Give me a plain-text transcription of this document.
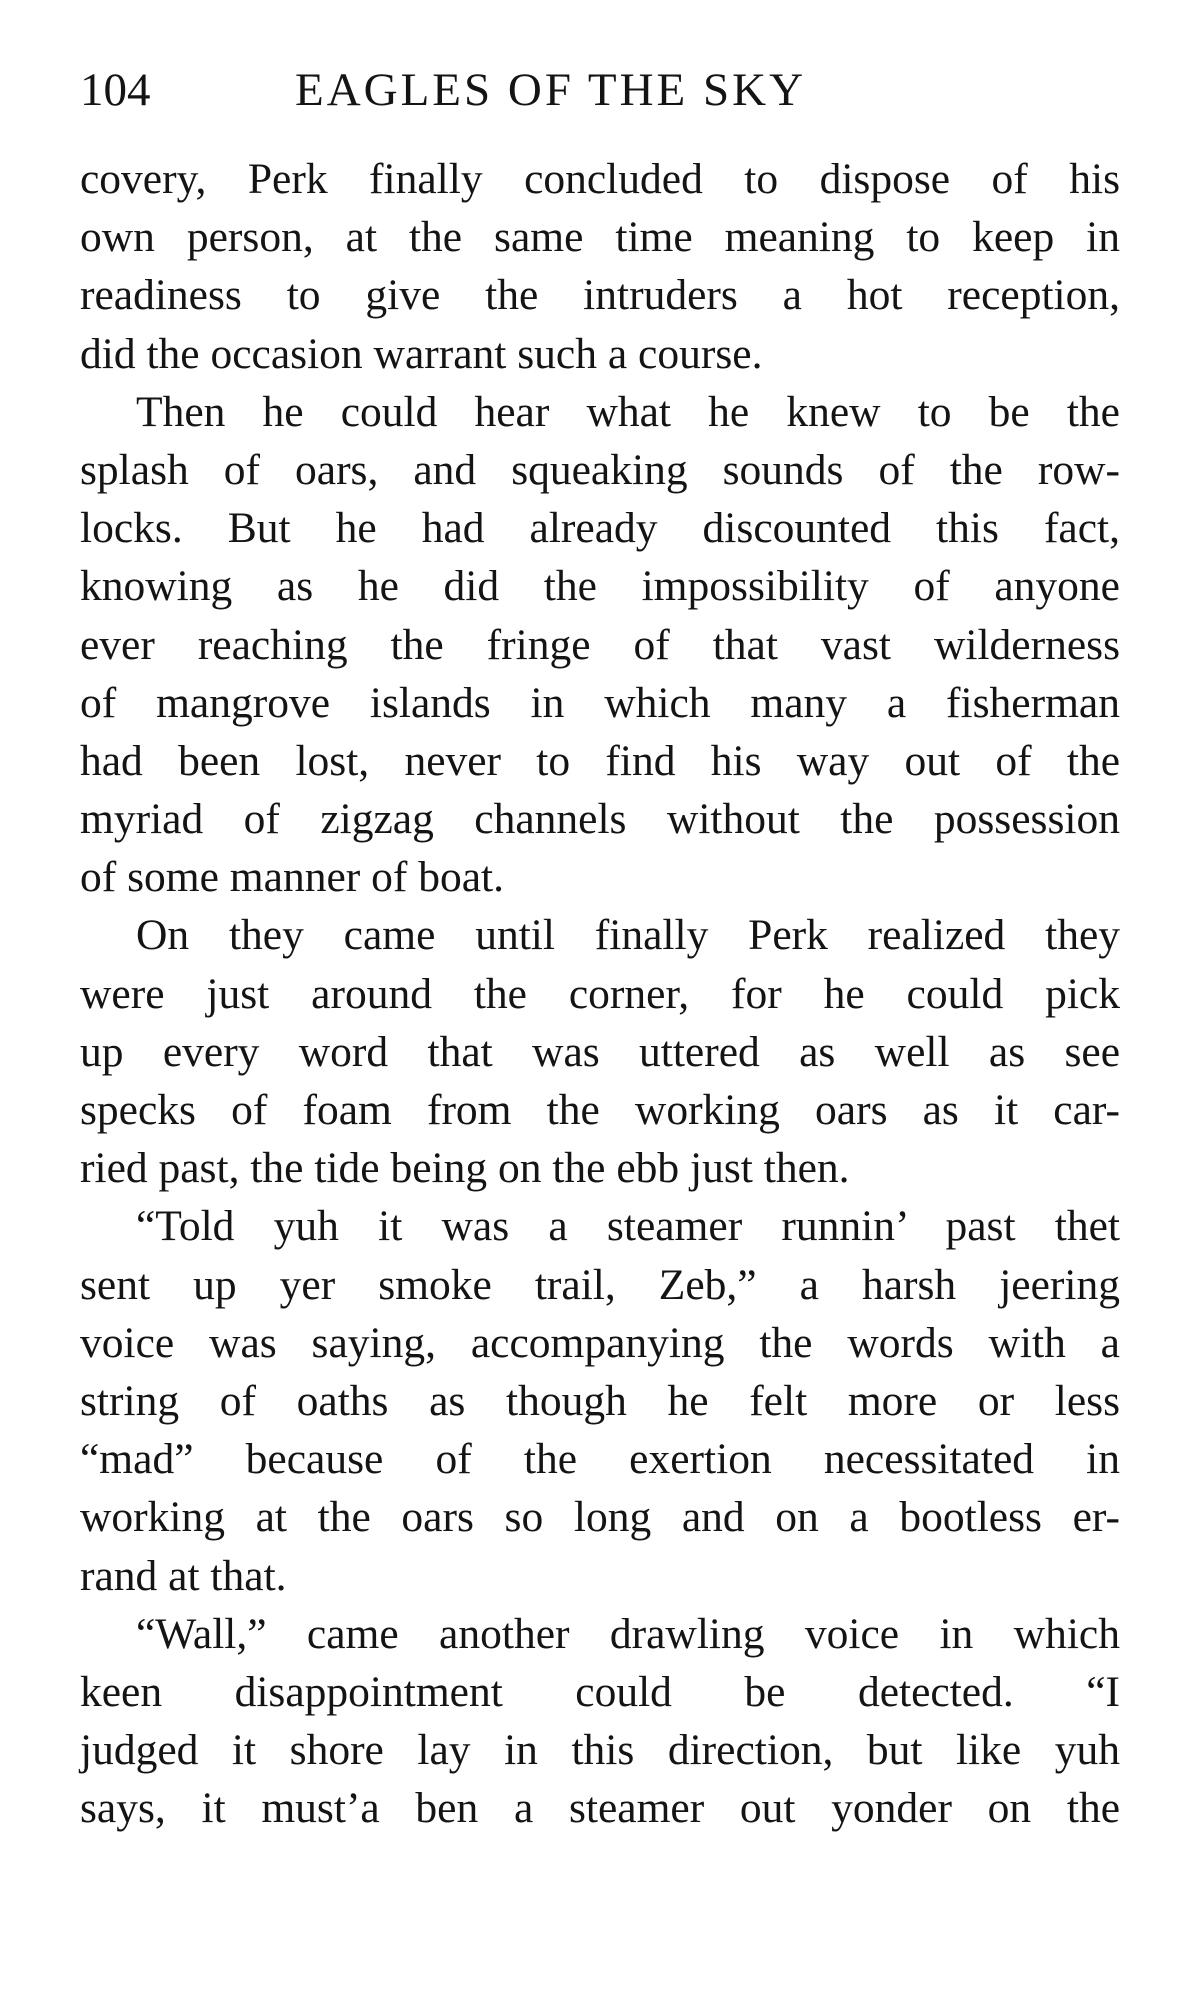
104	EAGLES OF THE SKY
covery, Perk finally concluded to dispose of his
own person, at the same time meaning to keep in
readiness to give the intruders a hot reception,
did the occasion warrant such a course.
Then he could hear what he knew to be the
splash of oars, and squeaking sounds of the row-
locks. But he had already discounted this fact,
knowing as he did the impossibility of anyone
ever reaching the fringe of that vast wilderness
of mangrove islands in which many a fisherman
had been lost, never to find his way out of the
myriad of zigzag channels without the possession
of some manner of boat.
On they came until finally Perk realized they
were just around the corner, for he could pick
up every word that was uttered as well as see
specks of foam from the working oars as it car-
ried past, the tide being on the ebb just then.
“Told yuh it was a steamer runnin’ past thet
sent up yer smoke trail, Zeb,” a harsh jeering
voice was saying, accompanying the words with a
string of oaths as though he felt more or less
“mad” because of the exertion necessitated in
working at the oars so long and on a bootless er-
rand at that.
“Wall,” came another drawling voice in which
keen disappointment could be detected. “I
judged it shore lay in this direction, but like yuh
says, it must’a ben a steamer out yonder on the
